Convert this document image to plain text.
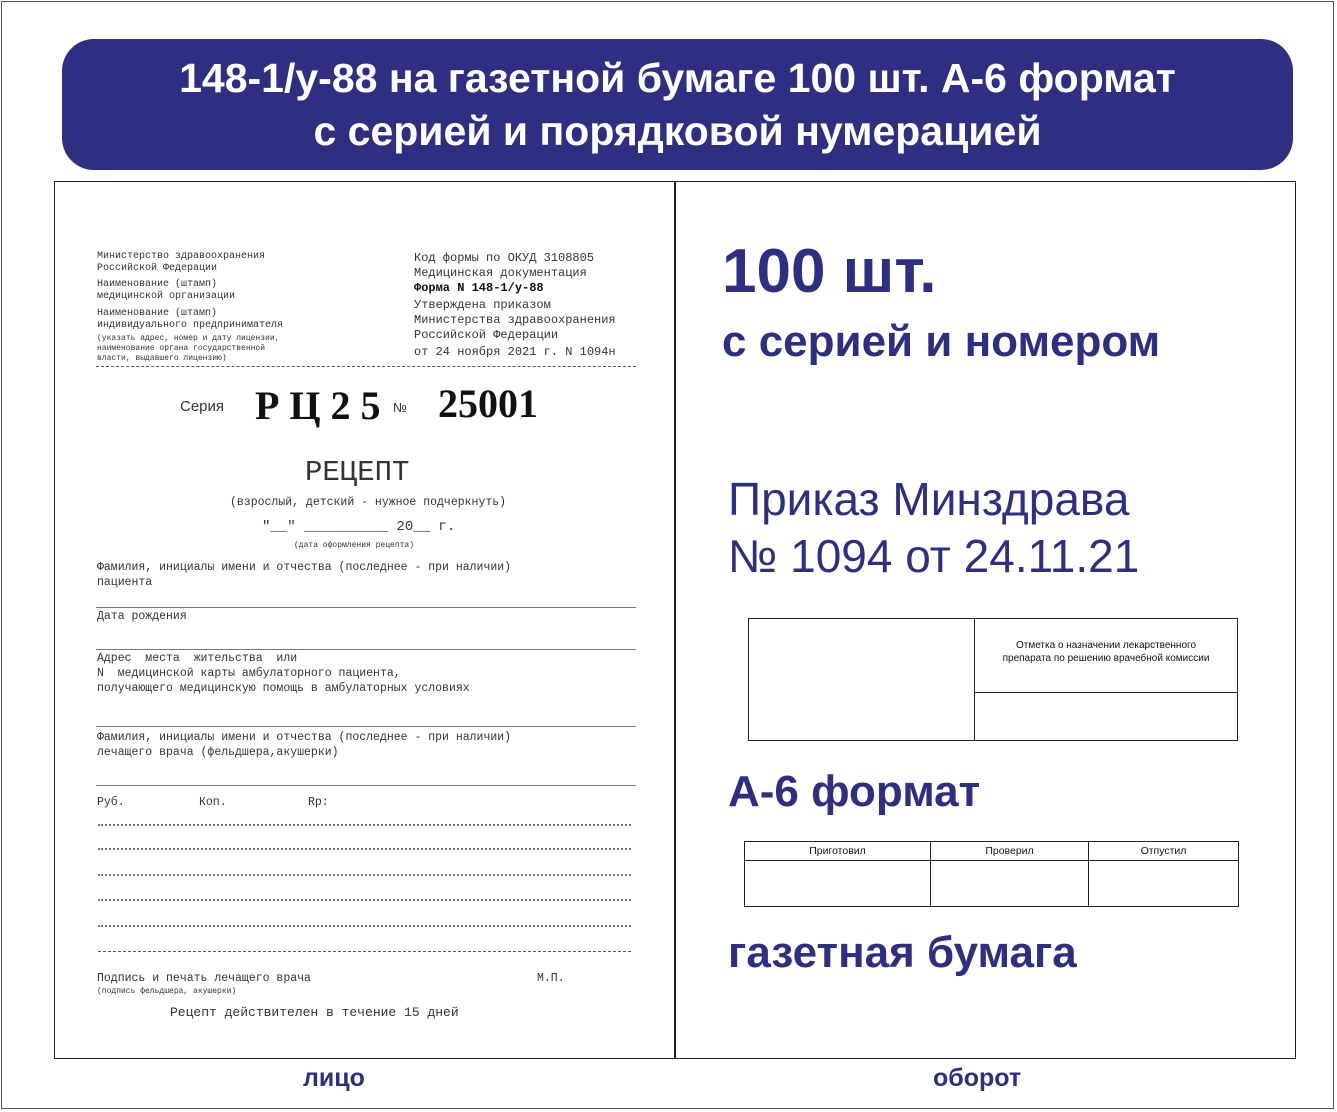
148-1/у-88 на газетной бумаге 100 шт. А-6 формат
с серией и порядковой нумерацией
Министерство здравоохранения
Российской Федерации
Наименование (штамп)
медицинской организации
Наименование (штамп)
индивидуального предпринимателя
(указать адрес, номер и дату лицензии,
наименование органа государственной
власти, выдавшего лицензию)
Код формы по ОКУД 3108805
Медицинская документация
Форма N 148-1/у-88
Утверждена приказом
Министерства здравоохранения
Российской Федерации
от 24 ноября 2021 г. N 1094н
Серия Р Ц 2 5 № 25001
РЕЦЕПТ
(взрослый, детский - нужное подчеркнуть)
"__" __________ 20__ г.
(дата оформления рецепта)
Фамилия, инициалы имени и отчества (последнее - при наличии)
пациента
Дата рождения
Адрес  места  жительства  или
N  медицинской карты амбулаторного пациента,
получающего медицинскую помощь в амбулаторных условиях
Фамилия, инициалы имени и отчества (последнее - при наличии)
лечащего врача (фельдшера,акушерки)
Руб.	Коп.	Rp:
Подпись и печать лечащего врача	М.П.
(подпись фельдшера, акушерки)
Рецепт действителен в течение 15 дней
100 шт.
с серией и номером
Приказ Минздрава
№ 1094 от 24.11.21
	Отметка о назначении лекарственного
препарата по решению врачебной комиссии

А-6 формат
Приготовил	Проверил	Отпустил

газетная бумага
лицо	оборот
